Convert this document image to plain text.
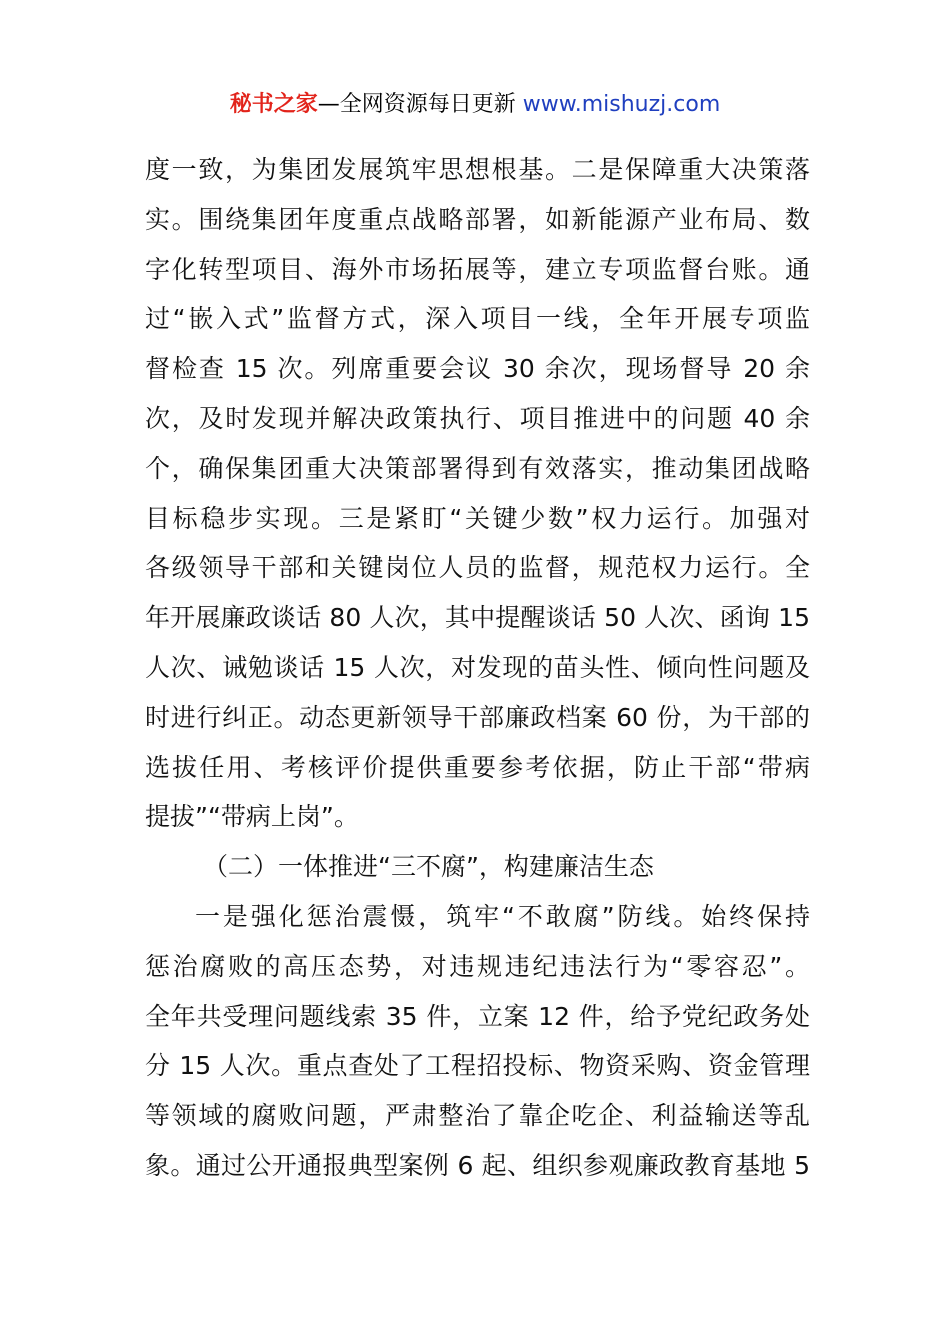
秘书之家—全网资源每日更新 www.mishuzj.com
度一致，为集团发展筑牢思想根基。二是保障重大决策落
实。围绕集团年度重点战略部署，如新能源产业布局、数
字化转型项目、海外市场拓展等，建立专项监督台账。通
过“嵌入式”监督方式，深入项目一线，全年开展专项监
督检查 15 次。列席重要会议 30 余次，现场督导 20 余
次，及时发现并解决政策执行、项目推进中的问题 40 余
个，确保集团重大决策部署得到有效落实，推动集团战略
目标稳步实现。三是紧盯“关键少数”权力运行。加强对
各级领导干部和关键岗位人员的监督，规范权力运行。全
年开展廉政谈话 80 人次，其中提醒谈话 50 人次、函询 15
人次、诫勉谈话 15 人次，对发现的苗头性、倾向性问题及
时进行纠正。动态更新领导干部廉政档案 60 份，为干部的
选拔任用、考核评价提供重要参考依据，防止干部“带病
提拔”“带病上岗”。
（二）一体推进“三不腐”，构建廉洁生态
一是强化惩治震慑，筑牢“不敢腐”防线。始终保持
惩治腐败的高压态势，对违规违纪违法行为“零容忍”。
全年共受理问题线索 35 件，立案 12 件，给予党纪政务处
分 15 人次。重点查处了工程招投标、物资采购、资金管理
等领域的腐败问题，严肃整治了靠企吃企、利益输送等乱
象。通过公开通报典型案例 6 起、组织参观廉政教育基地 5
